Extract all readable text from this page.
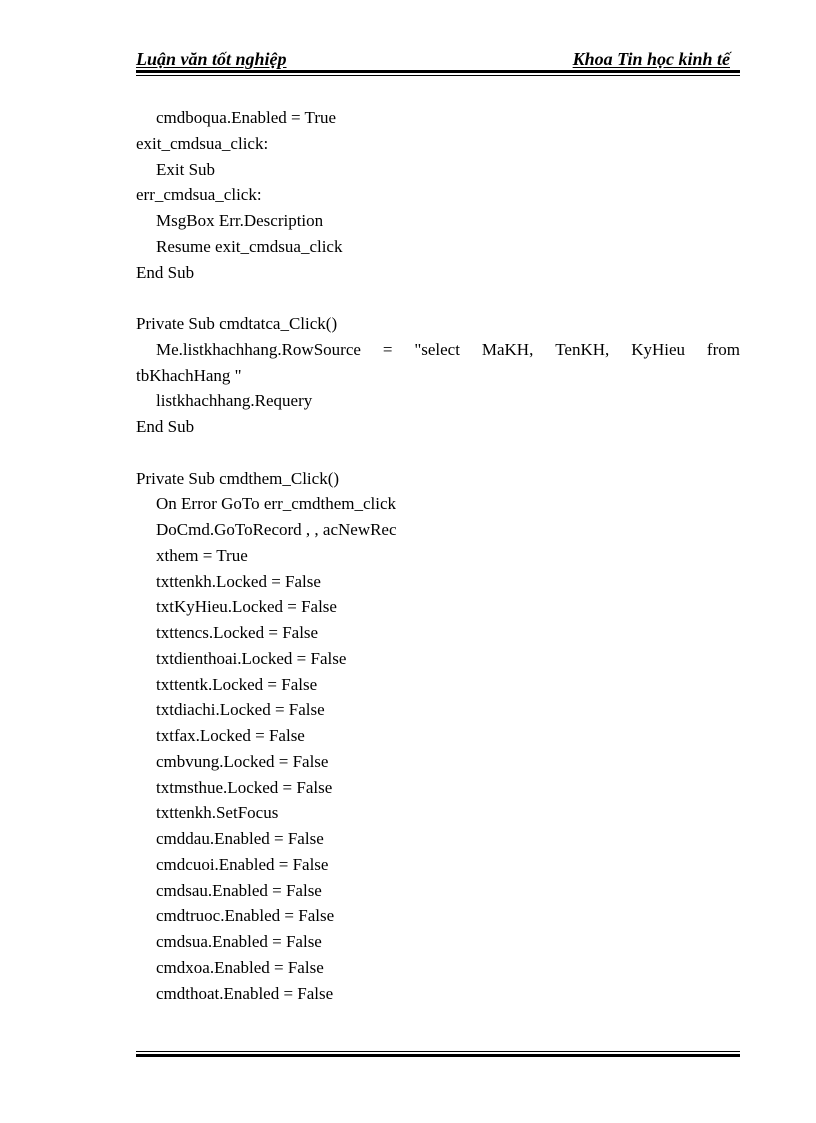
Luận văn tốt nghiệp	Khoa Tin học kinh tế
cmdboqua.Enabled = True
exit_cmdsua_click:
Exit Sub
err_cmdsua_click:
MsgBox Err.Description
Resume exit_cmdsua_click
End Sub
Private Sub cmdtatca_Click()
Me.listkhachhang.RowSource = "select MaKH, TenKH, KyHieu from
tbKhachHang "
listkhachhang.Requery
End Sub
Private Sub cmdthem_Click()
On Error GoTo err_cmdthem_click
DoCmd.GoToRecord , , acNewRec
xthem = True
txttenkh.Locked = False
txtKyHieu.Locked = False
txttencs.Locked = False
txtdienthoai.Locked = False
txttentk.Locked = False
txtdiachi.Locked = False
txtfax.Locked = False
cmbvung.Locked = False
txtmsthue.Locked = False
txttenkh.SetFocus
cmddau.Enabled = False
cmdcuoi.Enabled = False
cmdsau.Enabled = False
cmdtruoc.Enabled = False
cmdsua.Enabled = False
cmdxoa.Enabled = False
cmdthoat.Enabled = False
